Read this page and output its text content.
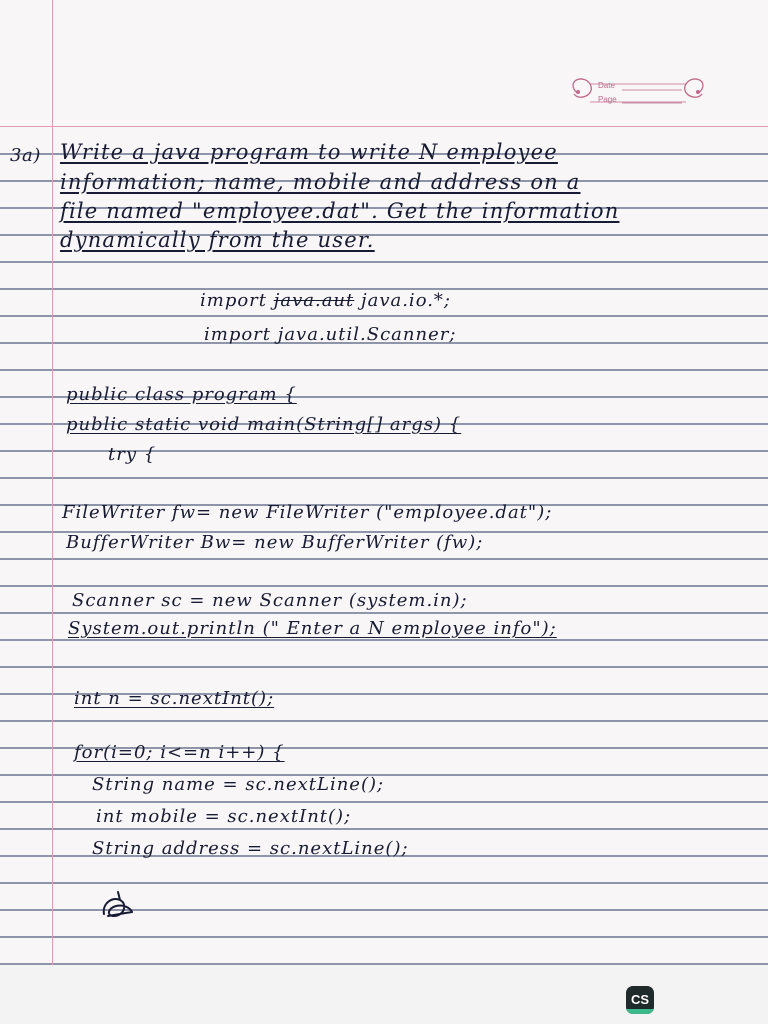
Date
Page
3a) Write a java program to write N employee
information; name, mobile and address on a
file named "employee.dat". Get the information
dynamically from the user.
import java.aut java.io.*;
import java.util.Scanner;
public class program {
public static void main(String[] args) {
try {
FileWriter fw= new FileWriter ("employee.dat");
BufferWriter Bw= new BufferWriter (fw);
Scanner sc = new Scanner (system.in);
System.out.println (" Enter a N employee info");
int n = sc.nextInt();
for(i=0; i<=n i++) {
String name = sc.nextLine();
int mobile = sc.nextInt();
String address = sc.nextLine();
CS
